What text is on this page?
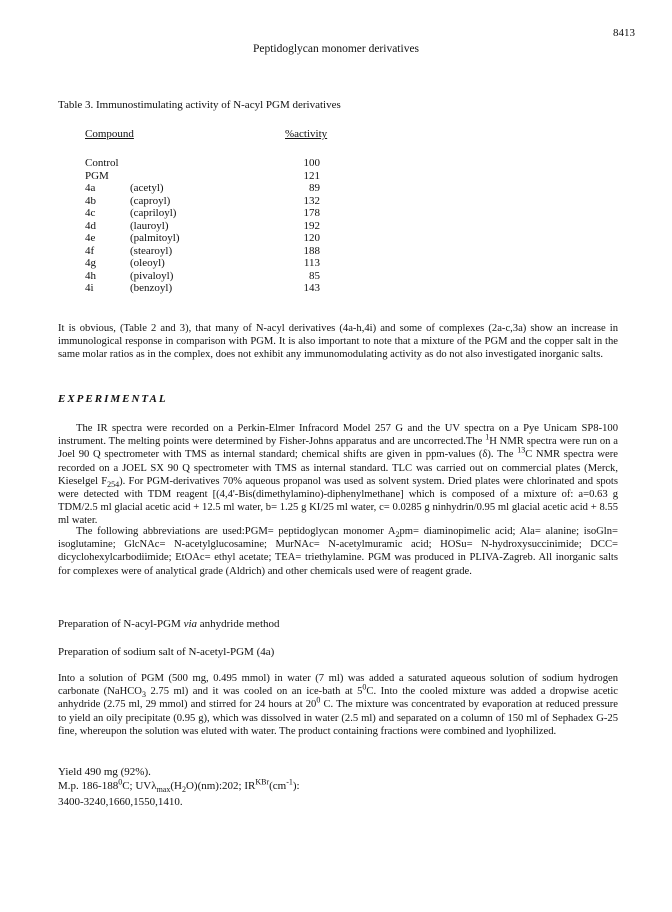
8413
Peptidoglycan monomer derivatives
Table 3. Immunostimulating activity of N-acyl PGM derivatives
Compound	%activity
Control	100
PGM	121
4a	(acetyl)	89
4b	(caproyl)	132
4c	(capriloyl)	178
4d	(lauroyl)	192
4e	(palmitoyl)	120
4f	(stearoyl)	188
4g	(oleoyl)	113
4h	(pivaloyl)	85
4i	(benzoyl)	143
It is obvious, (Table 2 and 3), that many of N-acyl derivatives (4a-h,4i) and some of complexes (2a-c,3a) show an increase in immunological response in comparison with PGM. It is also important to note that a mixture of the PGM and the copper salt in the same molar ratios as in the complex, does not exhibit any immunomodulating activity as do not also investigated inorganic salts.
EXPERIMENTAL
The IR spectra were recorded on a Perkin-Elmer Infracord Model 257 G and the UV spectra on a Pye Unicam SP8-100 instrument. The melting points were determined by Fisher-Johns apparatus and are uncorrected.The $^1$H NMR spectra were run on a Joel 90 Q spectrometer with TMS as internal standard; chemical shifts are given in ppm-values (δ). The $^{13}$C NMR spectra were recorded on a JOEL SX 90 Q spectrometer with TMS as internal standard. TLC was carried out on commercial plates (Merck, Kieselgel $F_{254}$). For PGM-derivatives 70% aqueous propanol was used as solvent system. Dried plates were chlorinated and spots were detected with TDM reagent [(4,4'-Bis(dimethylamino)-diphenylmethane] which is composed of a mixture of: a=0.63 g TDM/2.5 ml glacial acetic acid + 12.5 ml water, b= 1.25 g KI/25 ml water, c= 0.0285 g ninhydrin/0.95 ml glacial acetic acid + 8.55 ml water.
The following abbreviations are used:PGM= peptidoglycan monomer $A_2pm=$ diaminopimelic acid; Ala= alanine; isoGln= isoglutamine; GlcNAc= N-acetylglucosamine; MurNAc= N-acetylmuramic acid; HOSu= N-hydroxysuccinimide; DCC= dicyclohexylcarbodiimide; EtOAc= ethyl acetate; TEA= triethylamine. PGM was produced in PLIVA-Zagreb. All inorganic salts for complexes were of analytical grade (Aldrich) and other chemicals used were of reagent grade.
Preparation of N-acyl-PGM via anhydride method
Preparation of sodium salt of N-acetyl-PGM (4a)
Into a solution of PGM (500 mg, 0.495 mmol) in water (7 ml) was added a saturated aqueous solution of sodium hydrogen carbonate (NaHCO$_3$ 2.75 ml) and it was cooled on an ice-bath at $5^0C$. Into the cooled mixture was added a dropwise acetic anhydride (2.75 ml, 29 mmol) and stirred for 24 hours at $20^0$ C. The mixture was concentrated by evaporation at reduced pressure to yield an oily precipitate (0.95 g), which was dissolved in water (2.5 ml) and separated on a column of 150 ml of Sephadex G-25 fine, whereupon the solution was eluted with water. The product containing fractions were combined and lyophilized.
Yield 490 mg (92%).
M.p. $186-188^0C$; $UV\lambda_{max}(H_2O)(nm):202$; $IR^{KBr}(cm^{-1})$:
3400-3240,1660,1550,1410.
